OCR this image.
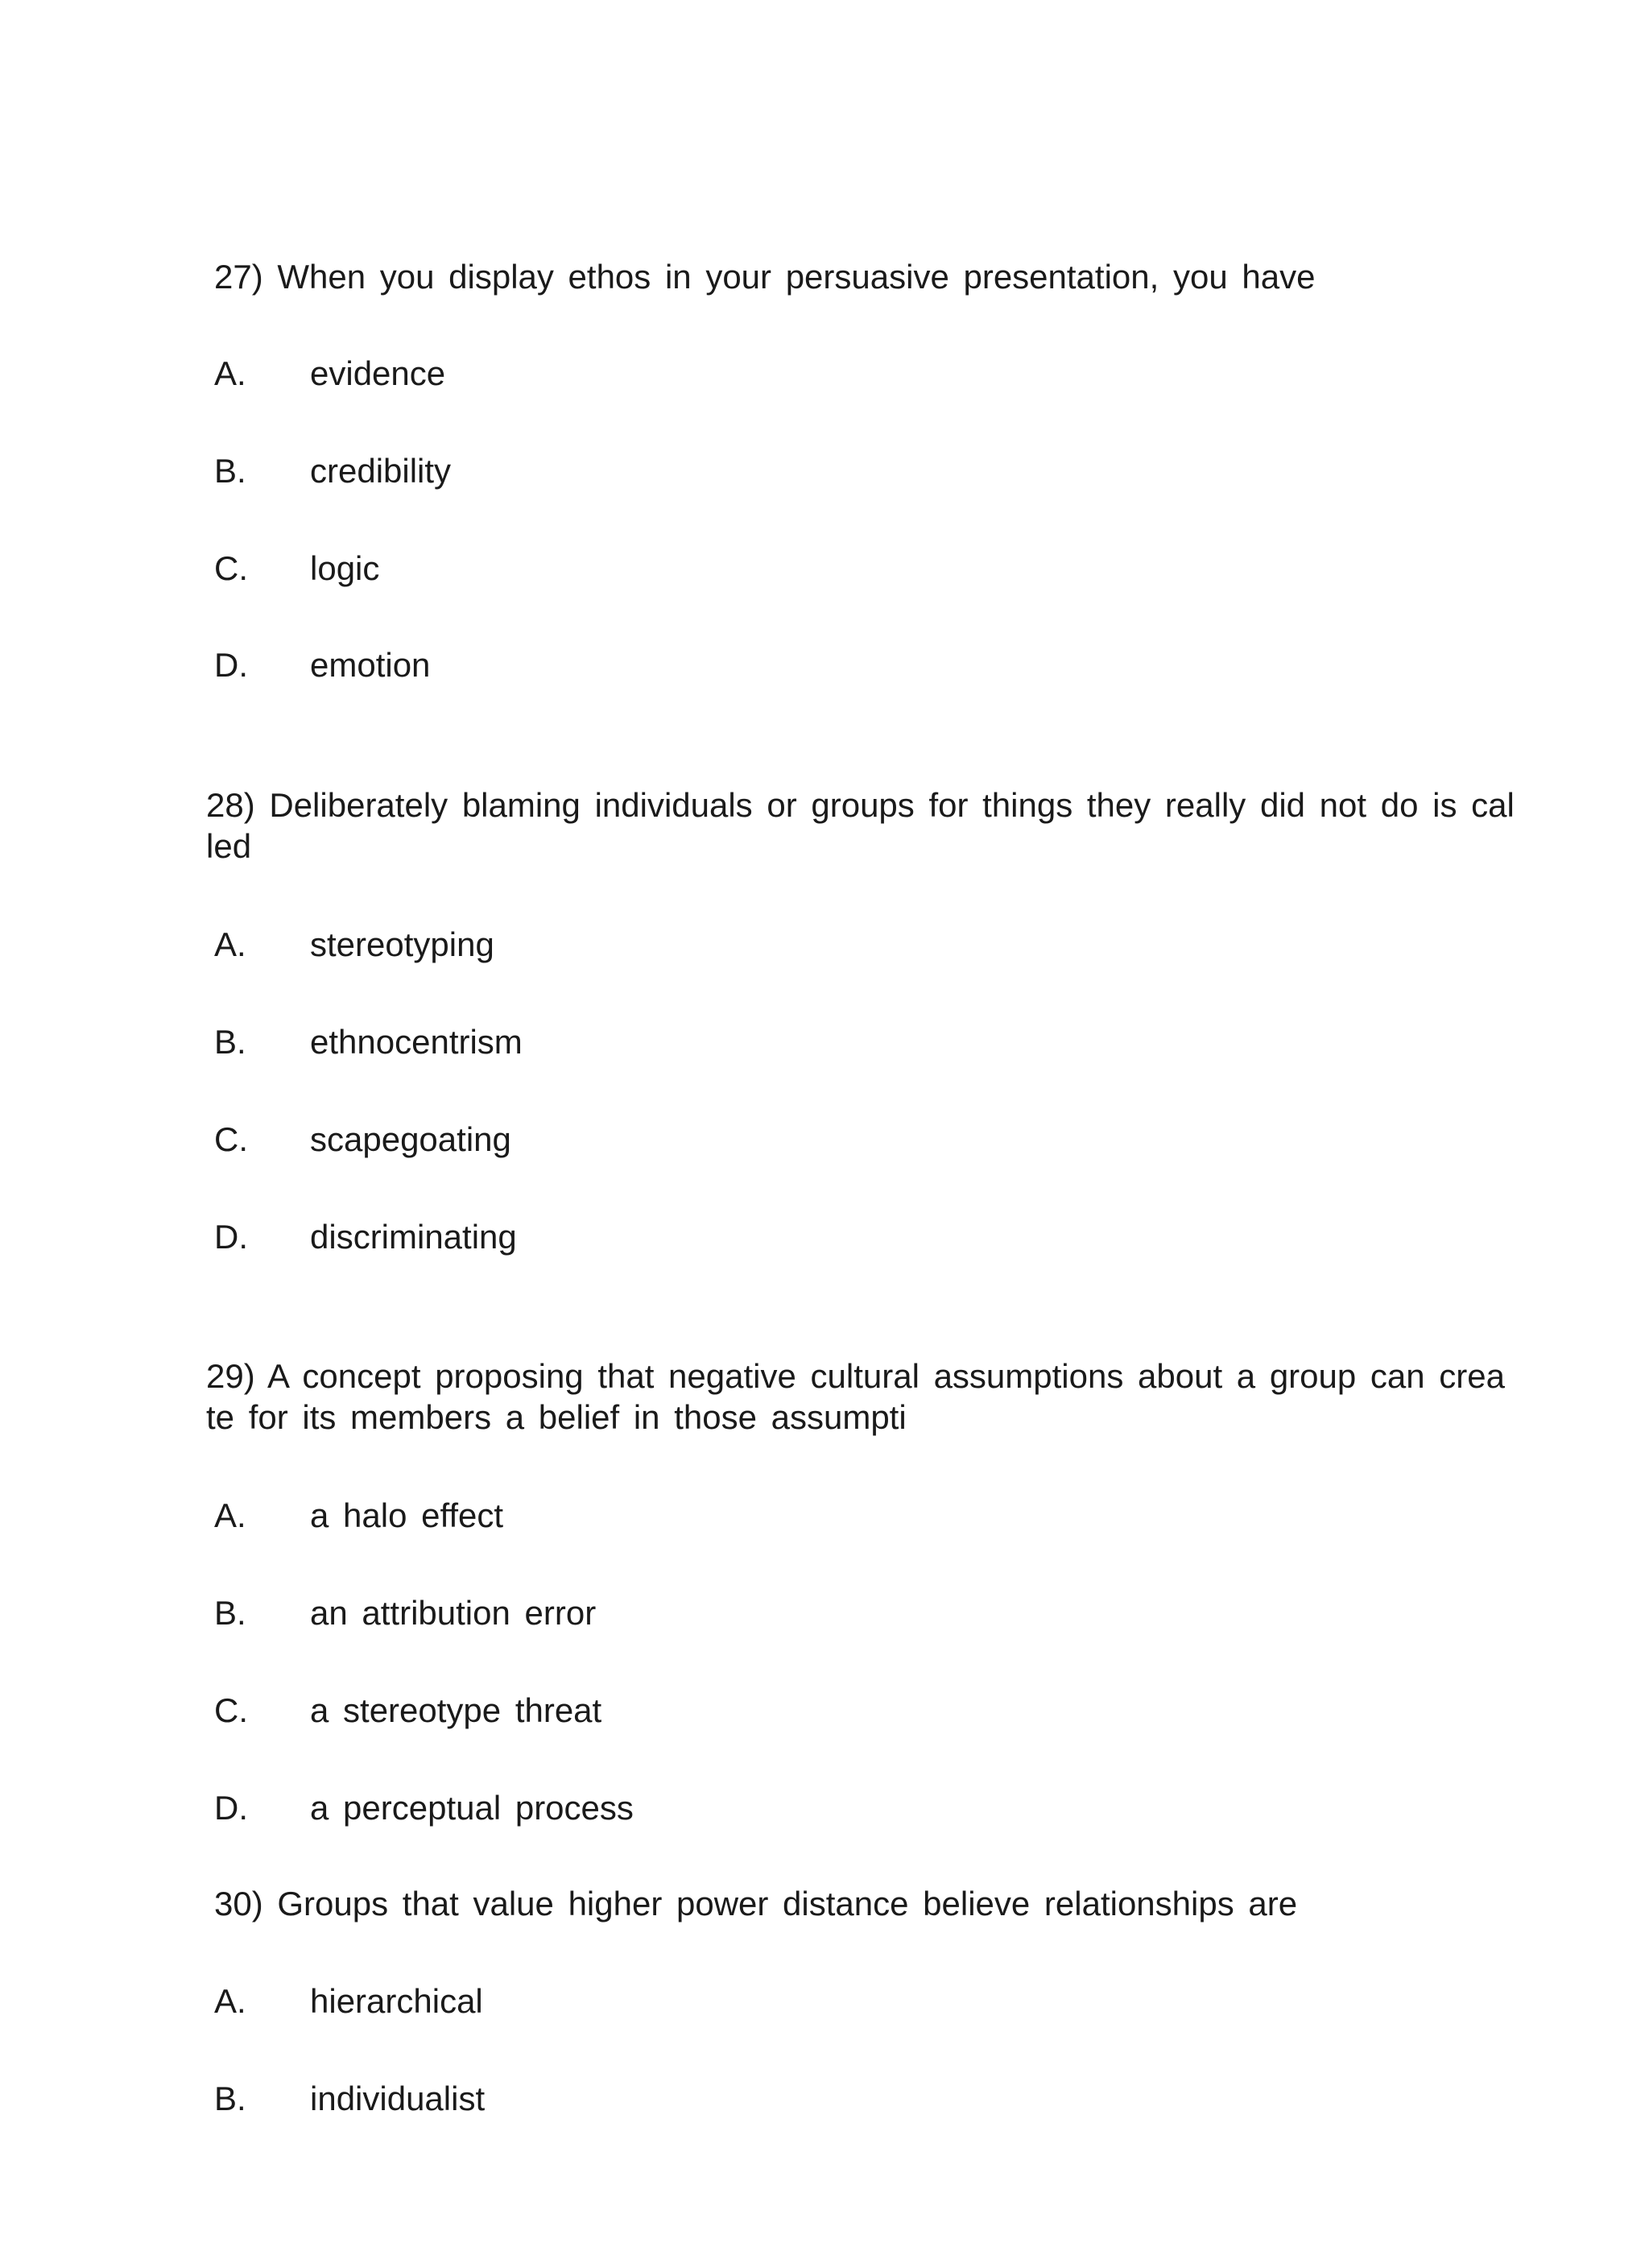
27) When you display ethos in your persuasive presentation, you have
A. evidence
B. credibility
C. logic
D. emotion
28) Deliberately blaming individuals or groups for things they really did not do is cal
led
A. stereotyping
B. ethnocentrism
C. scapegoating
D. discriminating
29) A concept proposing that negative cultural assumptions about a group can crea
te for its members a belief in those assumpti
A. a halo effect
B. an attribution error
C. a stereotype threat
D. a perceptual process
30) Groups that value higher power distance believe relationships are
A. hierarchical
B. individualist
